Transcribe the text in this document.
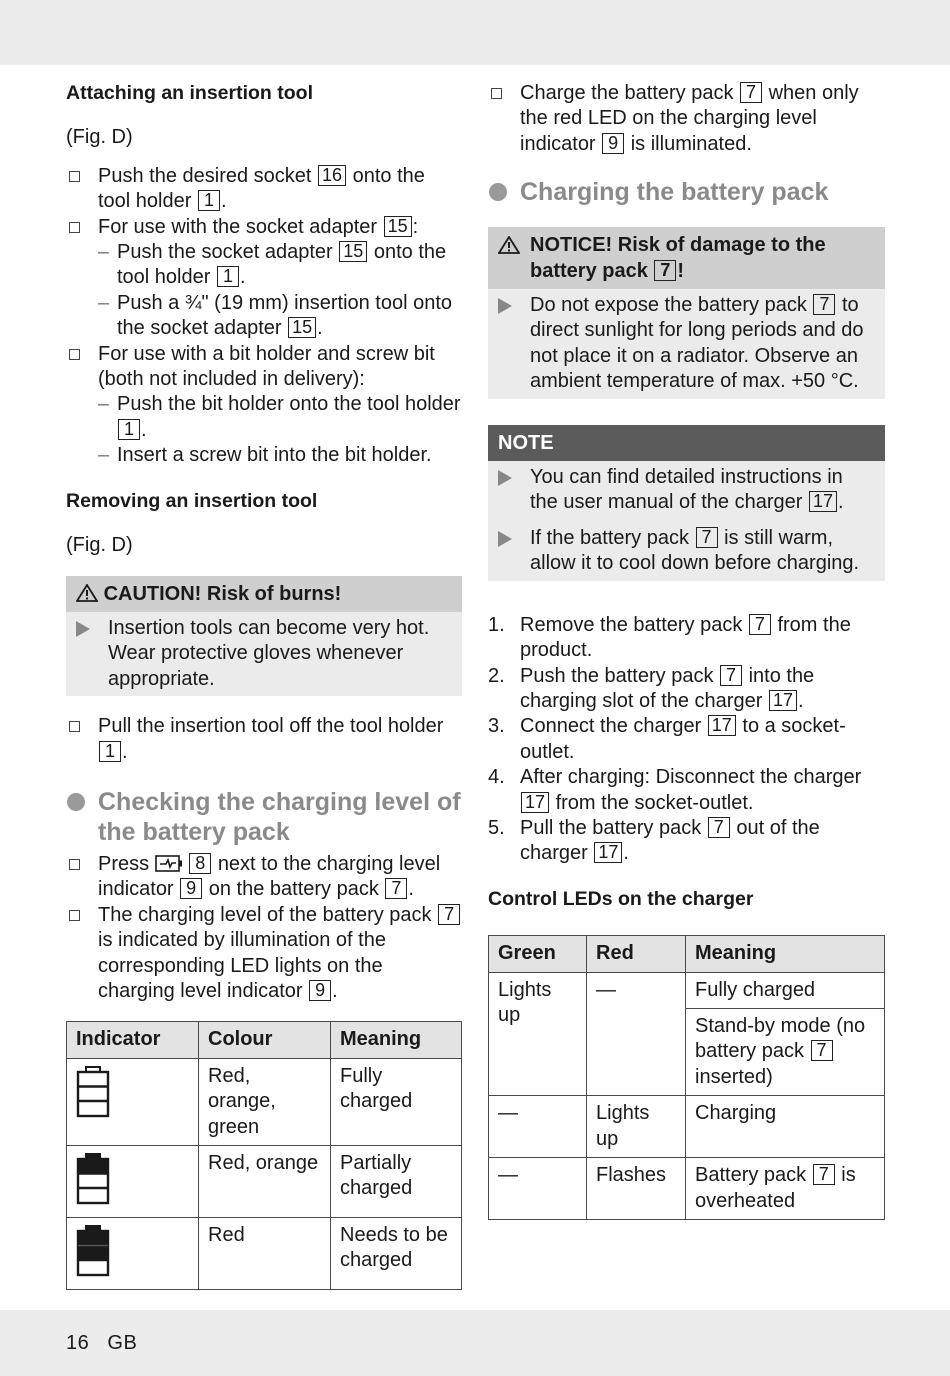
Attaching an insertion tool
(Fig. D)
Push the desired socket 16 onto the tool holder 1 .
For use with the socket adapter 15 :
– Push the socket adapter 15 onto the tool holder 1 .
– Push a ¾" (19 mm) insertion tool onto the socket adapter 15 .
For use with a bit holder and screw bit (both not included in delivery):
– Push the bit holder onto the tool holder 1 .
– Insert a screw bit into the bit holder.
Removing an insertion tool
(Fig. D)
CAUTION! Risk of burns!
Insertion tools can become very hot. Wear protective gloves whenever appropriate.
Pull the insertion tool off the tool holder 1 .
Checking the charging level of the battery pack
Press	8 next to the charging level indicator 9 on the battery pack 7 .
The charging level of the battery pack 7 is indicated by illumination of the corresponding LED lights on the charging level indicator 9 .
Indicator	Colour	Meaning

	Red, orange, green	Fully charged

	Red, orange	Partially charged

	Red	Needs to be charged
Charge the battery pack 7 when only the red LED on the charging level indicator 9 is illuminated.
Charging the battery pack
NOTICE! Risk of damage to the battery pack 7 !
Do not expose the battery pack 7 to direct sunlight for long periods and do not place it on a radiator. Observe an ambient temperature of max. +50 °C.
NOTE
You can find detailed instructions in the user manual of the charger 17 .
If the battery pack 7 is still warm, allow it to cool down before charging.
1. Remove the battery pack 7 from the product.
2. Push the battery pack 7 into the charging slot of the charger 17 .
3. Connect the charger 17 to a socket-outlet.
4. After charging: Disconnect the charger 17 from the socket-outlet.
5. Pull the battery pack 7 out of the charger 17 .
Control LEDs on the charger
Green	Red	Meaning
Lights up	—	Fully charged
		Stand-by mode (no battery pack 7 inserted)
—	Lights up	Charging
—	Flashes	Battery pack 7 is overheated
16 GB
